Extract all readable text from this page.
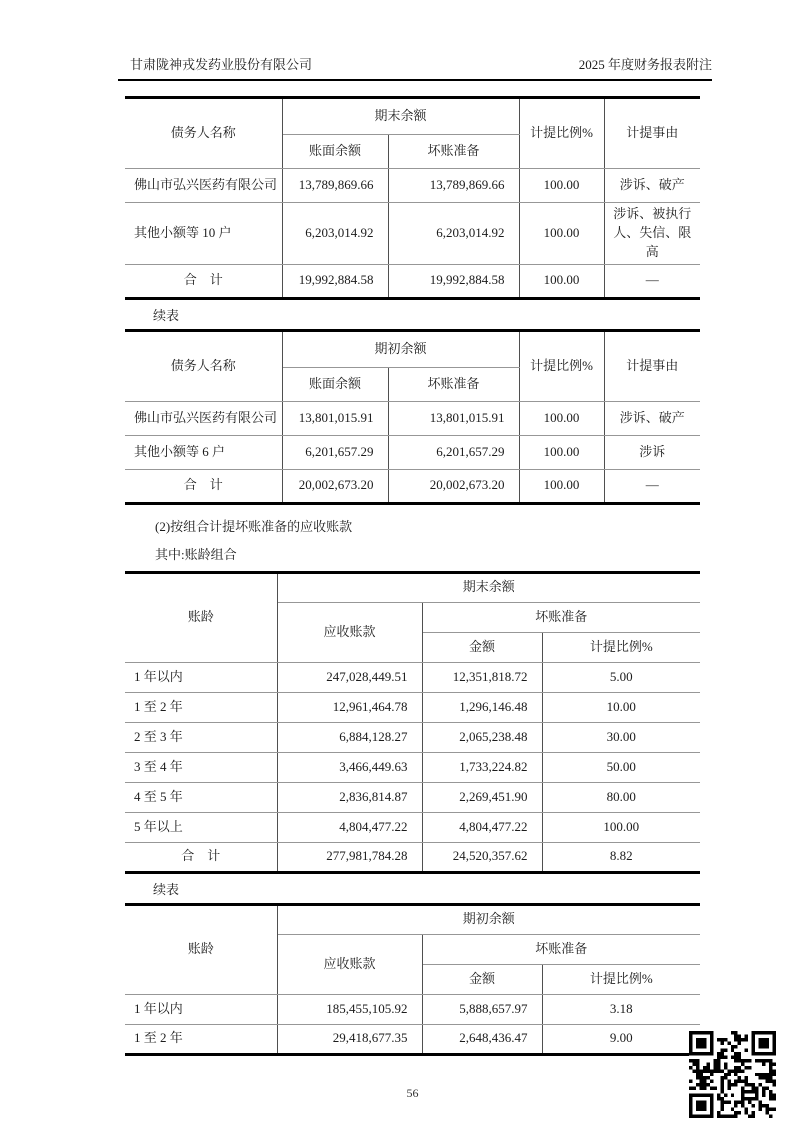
甘肃陇神戎发药业股份有限公司	2025 年度财务报表附注
债务人名称	期末余额		计提比例%	计提事由
	账面余额	坏账准备		
佛山市弘兴医药有限公司	13,789,869.66	13,789,869.66	100.00	涉诉、破产
其他小额等 10 户	6,203,014.92	6,203,014.92	100.00	涉诉、被执行人、失信、限高
合　计	19,992,884.58	19,992,884.58	100.00	—
续表
债务人名称	期初余额		计提比例%	计提事由
	账面余额	坏账准备		
佛山市弘兴医药有限公司	13,801,015.91	13,801,015.91	100.00	涉诉、破产
其他小额等 6 户	6,201,657.29	6,201,657.29	100.00	涉诉
合　计	20,002,673.20	20,002,673.20	100.00	—
(2)按组合计提坏账准备的应收账款
其中:账龄组合
账龄	期末余额		
	应收账款	坏账准备	
		金额	计提比例%
1 年以内	247,028,449.51	12,351,818.72	5.00
1 至 2 年	12,961,464.78	1,296,146.48	10.00
2 至 3 年	6,884,128.27	2,065,238.48	30.00
3 至 4 年	3,466,449.63	1,733,224.82	50.00
4 至 5 年	2,836,814.87	2,269,451.90	80.00
5 年以上	4,804,477.22	4,804,477.22	100.00
合　计	277,981,784.28	24,520,357.62	8.82
续表
账龄	期初余额		
	应收账款	坏账准备	
		金额	计提比例%
1 年以内	185,455,105.92	5,888,657.97	3.18
1 至 2 年	29,418,677.35	2,648,436.47	9.00
56
